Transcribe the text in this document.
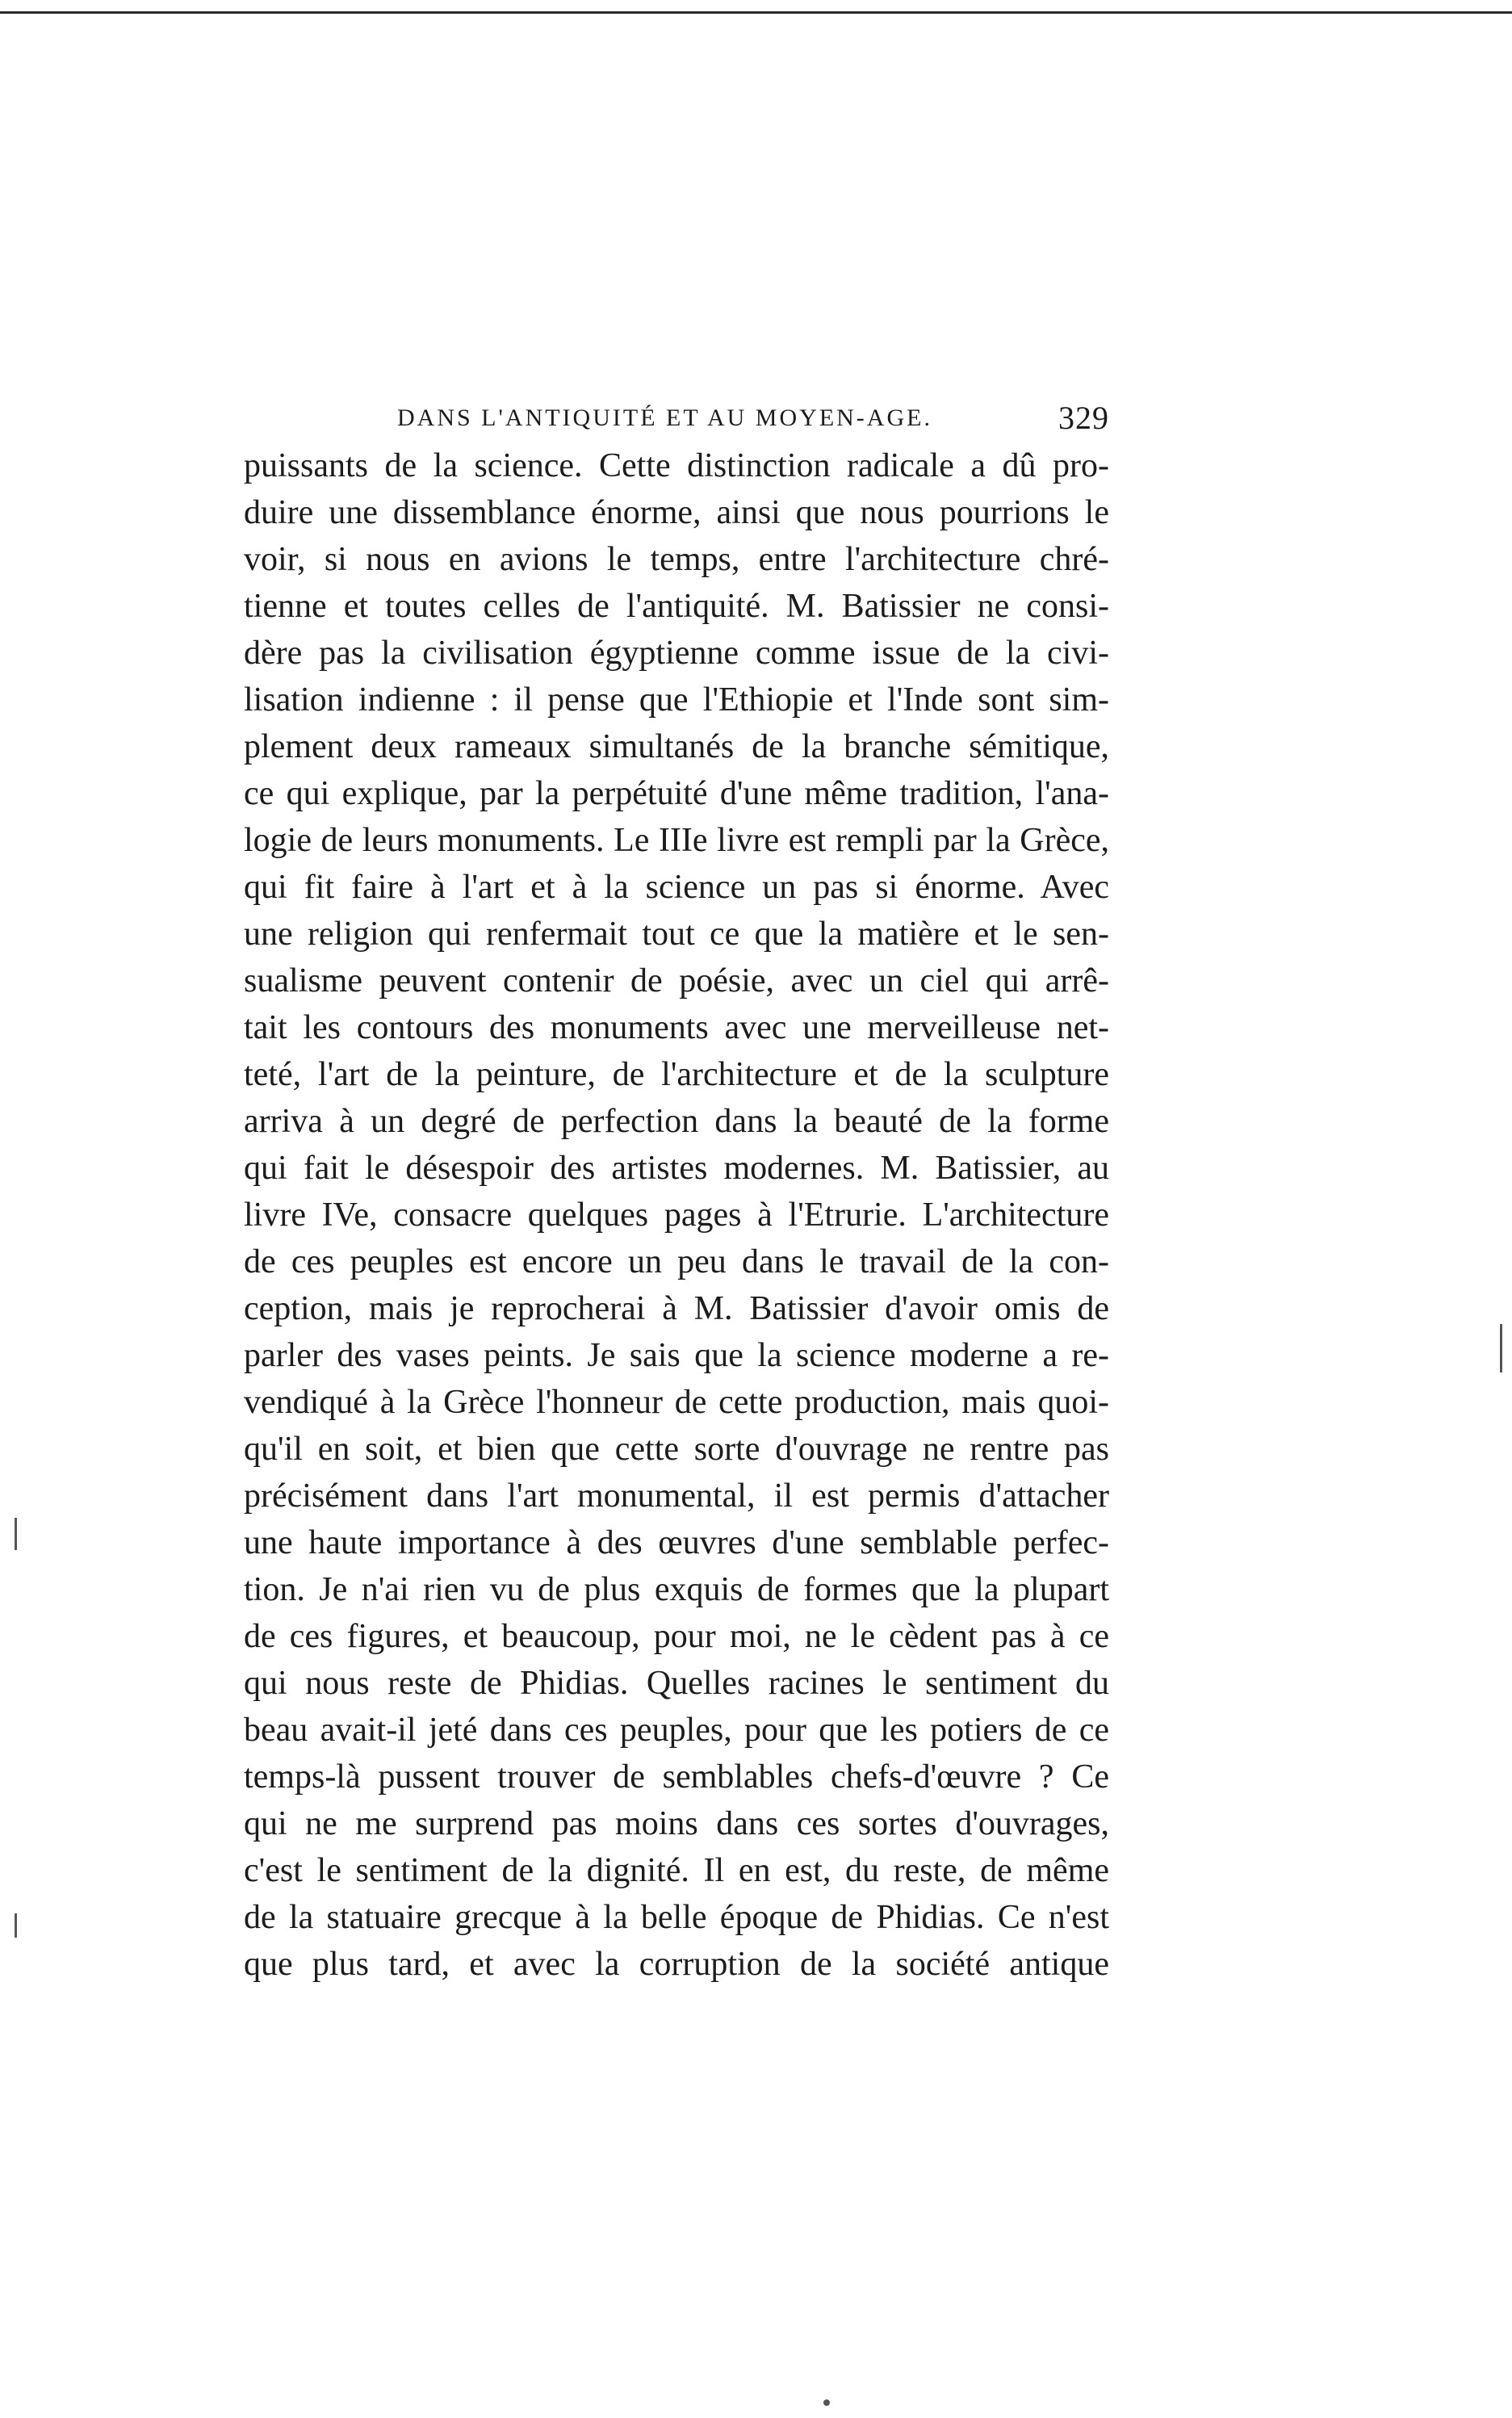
DANS L'ANTIQUITÉ ET AU MOYEN-AGE.	329
puissants de la science. Cette distinction radicale a dû pro-
duire une dissemblance énorme, ainsi que nous pourrions le
voir, si nous en avions le temps, entre l'architecture chré-
tienne et toutes celles de l'antiquité. M. Batissier ne consi-
dère pas la civilisation égyptienne comme issue de la civi-
lisation indienne : il pense que l'Ethiopie et l'Inde sont sim-
plement deux rameaux simultanés de la branche sémitique,
ce qui explique, par la perpétuité d'une même tradition, l'ana-
logie de leurs monuments. Le IIIe livre est rempli par la Grèce,
qui fit faire à l'art et à la science un pas si énorme. Avec
une religion qui renfermait tout ce que la matière et le sen-
sualisme peuvent contenir de poésie, avec un ciel qui arrê-
tait les contours des monuments avec une merveilleuse net-
teté, l'art de la peinture, de l'architecture et de la sculpture
arriva à un degré de perfection dans la beauté de la forme
qui fait le désespoir des artistes modernes. M. Batissier, au
livre IVe, consacre quelques pages à l'Etrurie. L'architecture
de ces peuples est encore un peu dans le travail de la con-
ception, mais je reprocherai à M. Batissier d'avoir omis de
parler des vases peints. Je sais que la science moderne a re-
vendiqué à la Grèce l'honneur de cette production, mais quoi-
qu'il en soit, et bien que cette sorte d'ouvrage ne rentre pas
précisément dans l'art monumental, il est permis d'attacher
une haute importance à des œuvres d'une semblable perfec-
tion. Je n'ai rien vu de plus exquis de formes que la plupart
de ces figures, et beaucoup, pour moi, ne le cèdent pas à ce
qui nous reste de Phidias. Quelles racines le sentiment du
beau avait-il jeté dans ces peuples, pour que les potiers de ce
temps-là pussent trouver de semblables chefs-d'œuvre ? Ce
qui ne me surprend pas moins dans ces sortes d'ouvrages,
c'est le sentiment de la dignité. Il en est, du reste, de même
de la statuaire grecque à la belle époque de Phidias. Ce n'est
que plus tard, et avec la corruption de la société antique
